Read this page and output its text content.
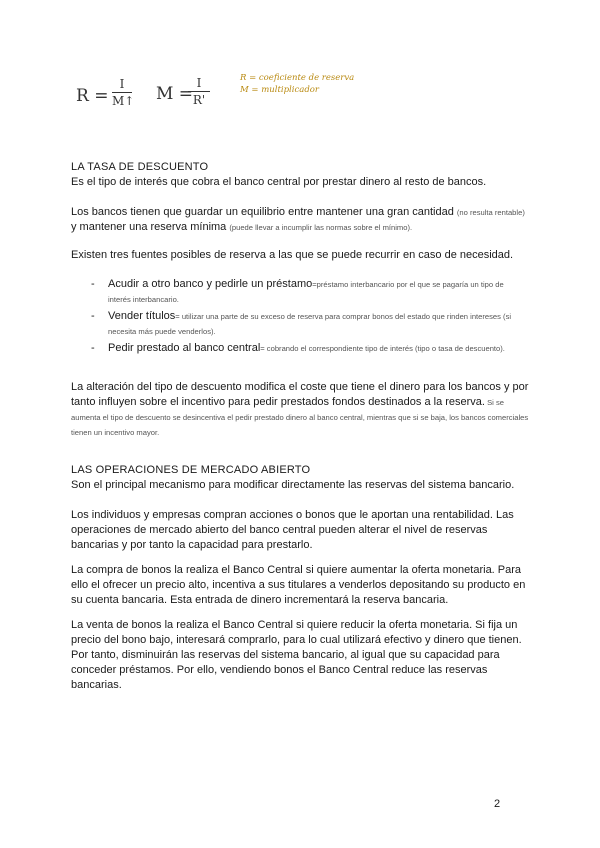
R =
I
M↑ M =
I
R'
R = coeficiente de reserva
M = multiplicador
LA TASA DE DESCUENTO
Es el tipo de interés que cobra el banco central por prestar dinero al resto de bancos.
Los bancos tienen que guardar un equilibrio entre mantener una gran cantidad (no resulta rentable) y mantener una reserva mínima (puede llevar a incumplir las normas sobre el mínimo).
Existen tres fuentes posibles de reserva a las que se puede recurrir en caso de necesidad.
- Acudir a otro banco y pedirle un préstamo=préstamo interbancario por el que se pagaría un tipo de interés interbancario.
- Vender títulos= utilizar una parte de su exceso de reserva para comprar bonos del estado que rinden intereses (si necesita más puede venderlos).
- Pedir prestado al banco central= cobrando el correspondiente tipo de interés (tipo o tasa de descuento).
La alteración del tipo de descuento modifica el coste que tiene el dinero para los bancos y por tanto influyen sobre el incentivo para pedir prestados fondos destinados a la reserva. Si se aumenta el tipo de descuento se desincentiva el pedir prestado dinero al banco central, mientras que si se baja, los bancos comerciales tienen un incentivo mayor.
LAS OPERACIONES DE MERCADO ABIERTO
Son el principal mecanismo para modificar directamente las reservas del sistema bancario.
Los individuos y empresas compran acciones o bonos que le aportan una rentabilidad. Las operaciones de mercado abierto del banco central pueden alterar el nivel de reservas bancarias y por tanto la capacidad para prestarlo.
La compra de bonos la realiza el Banco Central si quiere aumentar la oferta monetaria. Para ello el ofrecer un precio alto, incentiva a sus titulares a venderlos depositando su producto en su cuenta bancaria. Esta entrada de dinero incrementará la reserva bancaria.
La venta de bonos la realiza el Banco Central si quiere reducir la oferta monetaria. Si fija un precio del bono bajo, interesará comprarlo, para lo cual utilizará efectivo y dinero que tienen. Por tanto, disminuirán las reservas del sistema bancario, al igual que su capacidad para conceder préstamos. Por ello, vendiendo bonos el Banco Central reduce las reservas bancarias.
2
